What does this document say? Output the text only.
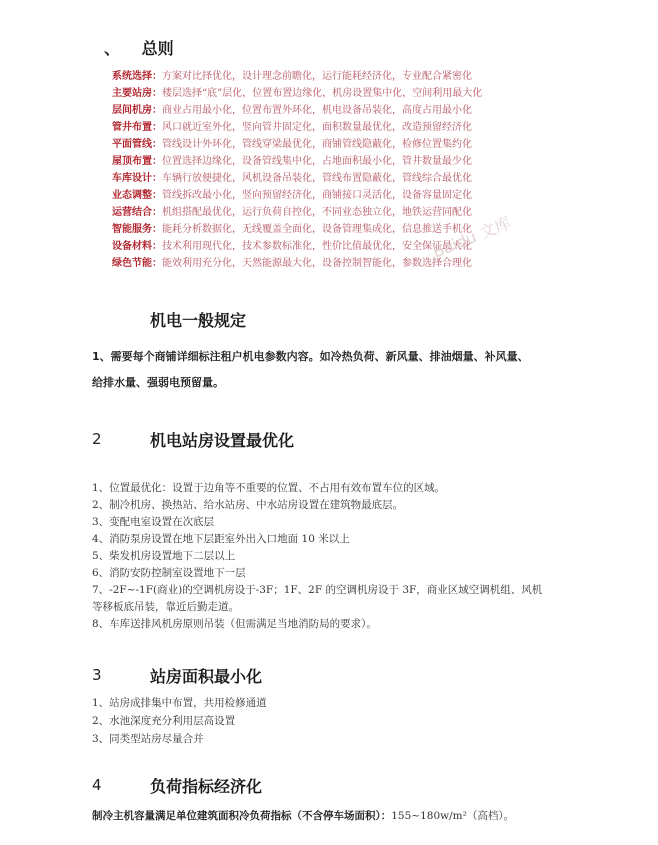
、 总则
系统选择：方案对比择优化，设计理念前瞻化，运行能耗经济化，专业配合紧密化
主要站房：楼层选择“底”层化，位置布置边缘化，机房设置集中化，空间利用最大化
层间机房：商业占用最小化，位置布置外环化，机电设备吊装化，高度占用最小化
管井布置：风口就近室外化，竖向管井固定化，面积数量最优化，改造预留经济化
平面管线：管线设计外环化，管线穿梁最优化，商铺管线隐蔽化，检修位置集约化
屋顶布置：位置选择边缘化，设备管线集中化，占地面积最小化，管井数量最少化
车库设计：车辆行放便捷化，风机设备吊装化，管线布置隐蔽化，管线综合最优化
业态调整：管线拆改最小化，竖向预留经济化，商铺接口灵活化，设备容量固定化
运营结合：机组搭配最优化，运行负荷自控化，不同业态独立化，地铁运营同配化
智能服务：能耗分析数据化，无线覆盖全面化，设备管理集成化，信息推送手机化
设备材料：技术利用现代化，技术参数标准化，性价比值最优化，安全保证最大化
绿色节能：能效利用充分化，天然能源最大化，设备控制智能化，参数选择合理化
Baidu 文库
机电一般规定
1、需要每个商铺详细标注租户机电参数内容。如冷热负荷、新风量、排油烟量、补风量、
给排水量、强弱电预留量。
2	机电站房设置最优化
1、位置最优化：设置于边角等不重要的位置、不占用有效布置车位的区域。
2、制冷机房、换热站、给水站房、中水站房设置在建筑物最底层。
3、变配电室设置在次底层
4、消防泵房设置在地下层距室外出入口地面 10 米以上
5、柴发机房设置地下二层以上
6、消防安防控制室设置地下一层
7、-2F~-1F(商业)的空调机房设于-3F；1F、2F 的空调机房设于 3F，商业区域空调机组、风机
等移板底吊装，靠近后勤走道。
8、车库送排风机房原则吊装（但需满足当地消防局的要求）。
3	站房面积最小化
1、站房成排集中布置，共用检修通道
2、水池深度充分利用层高设置
3、同类型站房尽量合并
4	负荷指标经济化
制冷主机容量满足单位建筑面积冷负荷指标（不含停车场面积）：155~180w/m²（高档）。
